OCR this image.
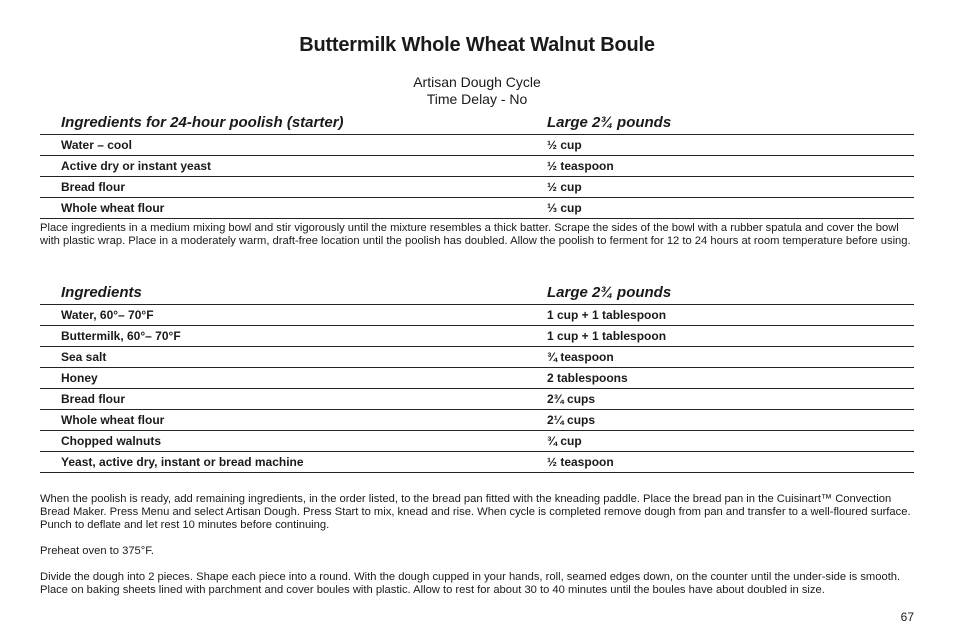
Buttermilk Whole Wheat Walnut Boule
Artisan Dough Cycle
Time Delay - No
Ingredients for 24-hour poolish (starter)	Large 2¾ pounds
Water – cool	½ cup
Active dry or instant yeast	½ teaspoon
Bread flour	½ cup
Whole wheat flour	⅓ cup
Place ingredients in a medium mixing bowl and stir vigorously until the mixture resembles a thick batter. Scrape the sides of the bowl with a rubber spatula and cover the bowl with plastic wrap. Place in a moderately warm, draft-free location until the poolish has doubled. Allow the poolish to ferment for 12 to 24 hours at room temperature before using.
Ingredients	Large 2¾ pounds
Water, 60°– 70°F	1 cup + 1 tablespoon
Buttermilk, 60°– 70°F	1 cup + 1 tablespoon
Sea salt	¾ teaspoon
Honey	2 tablespoons
Bread flour	2¾ cups
Whole wheat flour	2¼ cups
Chopped walnuts	¾ cup
Yeast, active dry, instant or bread machine	½ teaspoon
When the poolish is ready, add remaining ingredients, in the order listed, to the bread pan fitted with the kneading paddle. Place the bread pan in the Cuisinart™ Convection Bread Maker. Press Menu and select Artisan Dough. Press Start to mix, knead and rise. When cycle is completed remove dough from pan and transfer to a well-floured surface. Punch to deflate and let rest 10 minutes before continuing.
Preheat oven to 375°F.
Divide the dough into 2 pieces. Shape each piece into a round. With the dough cupped in your hands, roll, seamed edges down, on the counter until the under-side is smooth. Place on baking sheets lined with parchment and cover boules with plastic. Allow to rest for about 30 to 40 minutes until the boules have about doubled in size.
67
